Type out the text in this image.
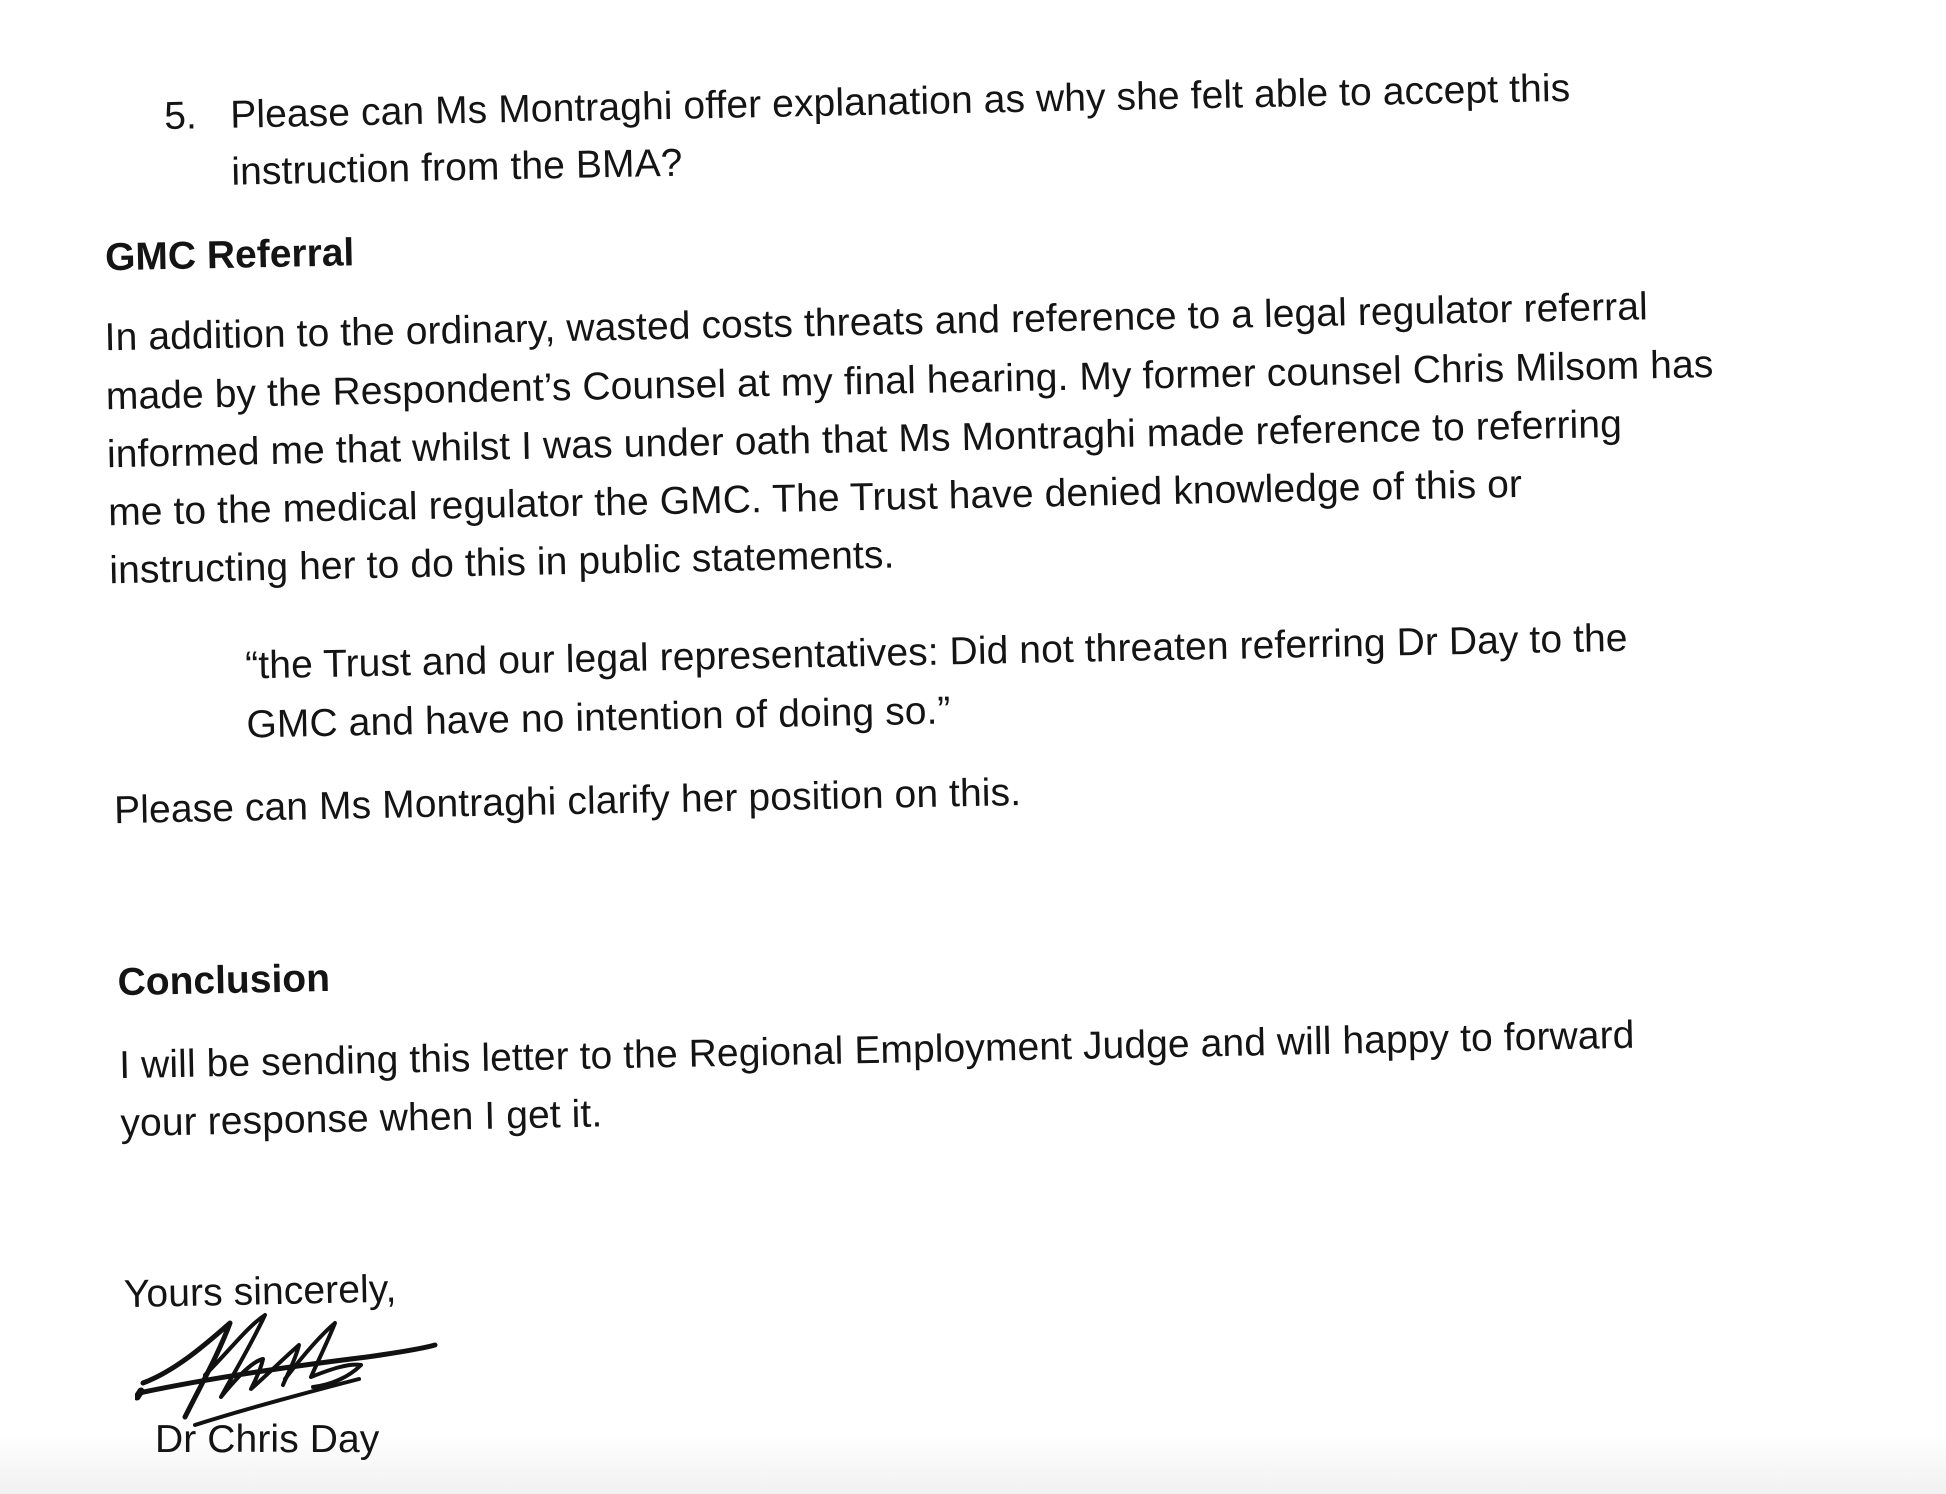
5. Please can Ms Montraghi offer explanation as why she felt able to accept this
instruction from the BMA?
GMC Referral
In addition to the ordinary, wasted costs threats and reference to a legal regulator referral
made by the Respondent’s Counsel at my final hearing. My former counsel Chris Milsom has
informed me that whilst I was under oath that Ms Montraghi made reference to referring
me to the medical regulator the GMC. The Trust have denied knowledge of this or
instructing her to do this in public statements.
“the Trust and our legal representatives: Did not threaten referring Dr Day to the
GMC and have no intention of doing so.”
Please can Ms Montraghi clarify her position on this.
Conclusion
I will be sending this letter to the Regional Employment Judge and will happy to forward
your response when I get it.
Yours sincerely,
Dr Chris Day
